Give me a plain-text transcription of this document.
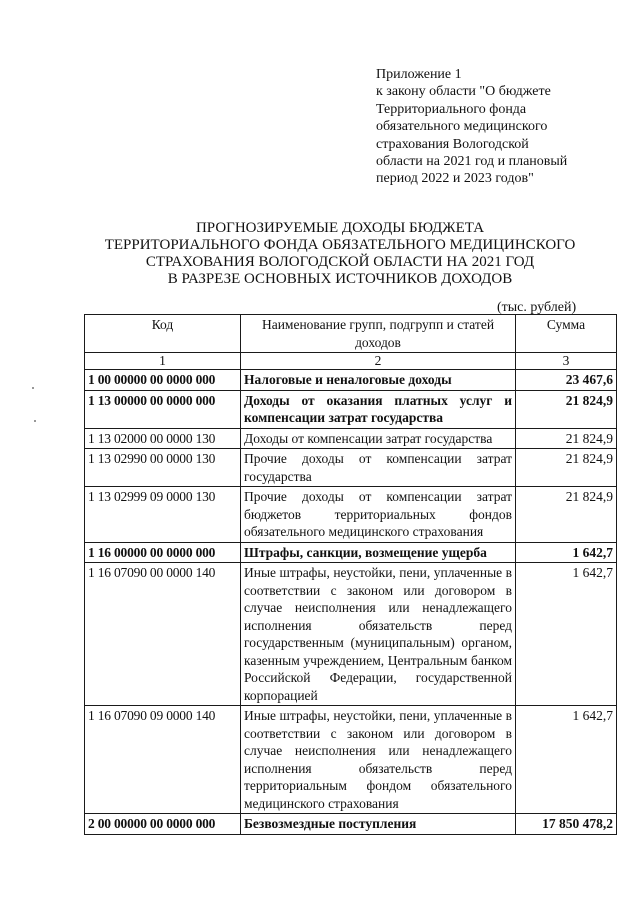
Приложение 1
к закону области "О бюджете
Территориального фонда
обязательного медицинского
страхования Вологодской
области на 2021 год и плановый
период 2022 и 2023 годов"
ПРОГНОЗИРУЕМЫЕ ДОХОДЫ БЮДЖЕТА
ТЕРРИТОРИАЛЬНОГО ФОНДА ОБЯЗАТЕЛЬНОГО МЕДИЦИНСКОГО
СТРАХОВАНИЯ ВОЛОГОДСКОЙ ОБЛАСТИ НА 2021 ГОД
В РАЗРЕЗЕ ОСНОВНЫХ ИСТОЧНИКОВ ДОХОДОВ
(тыс. рублей)
Код	Наименование групп, подгрупп и статей доходов	Сумма
1	2	3
1 00 00000 00 0000 000	Налоговые и неналоговые доходы	23 467,6
1 13 00000 00 0000 000	Доходы от оказания платных услуг и компенсации затрат государства	21 824,9
1 13 02000 00 0000 130	Доходы от компенсации затрат государства	21 824,9
1 13 02990 00 0000 130	Прочие доходы от компенсации затрат государства	21 824,9
1 13 02999 09 0000 130	Прочие доходы от компенсации затрат бюджетов территориальных фондов обязательного медицинского страхования	21 824,9
1 16 00000 00 0000 000	Штрафы, санкции, возмещение ущерба	1 642,7
1 16 07090 00 0000 140	Иные штрафы, неустойки, пени, уплаченные в соответствии с законом или договором в случае неисполнения или ненадлежащего исполнения обязательств перед государственным (муниципальным) органом, казенным учреждением, Центральным банком Российской Федерации, государственной корпорацией	1 642,7
1 16 07090 09 0000 140	Иные штрафы, неустойки, пени, уплаченные в соответствии с законом или договором в случае неисполнения или ненадлежащего исполнения обязательств перед территориальным фондом обязательного медицинского страхования	1 642,7
2 00 00000 00 0000 000	Безвозмездные поступления	17 850 478,2
